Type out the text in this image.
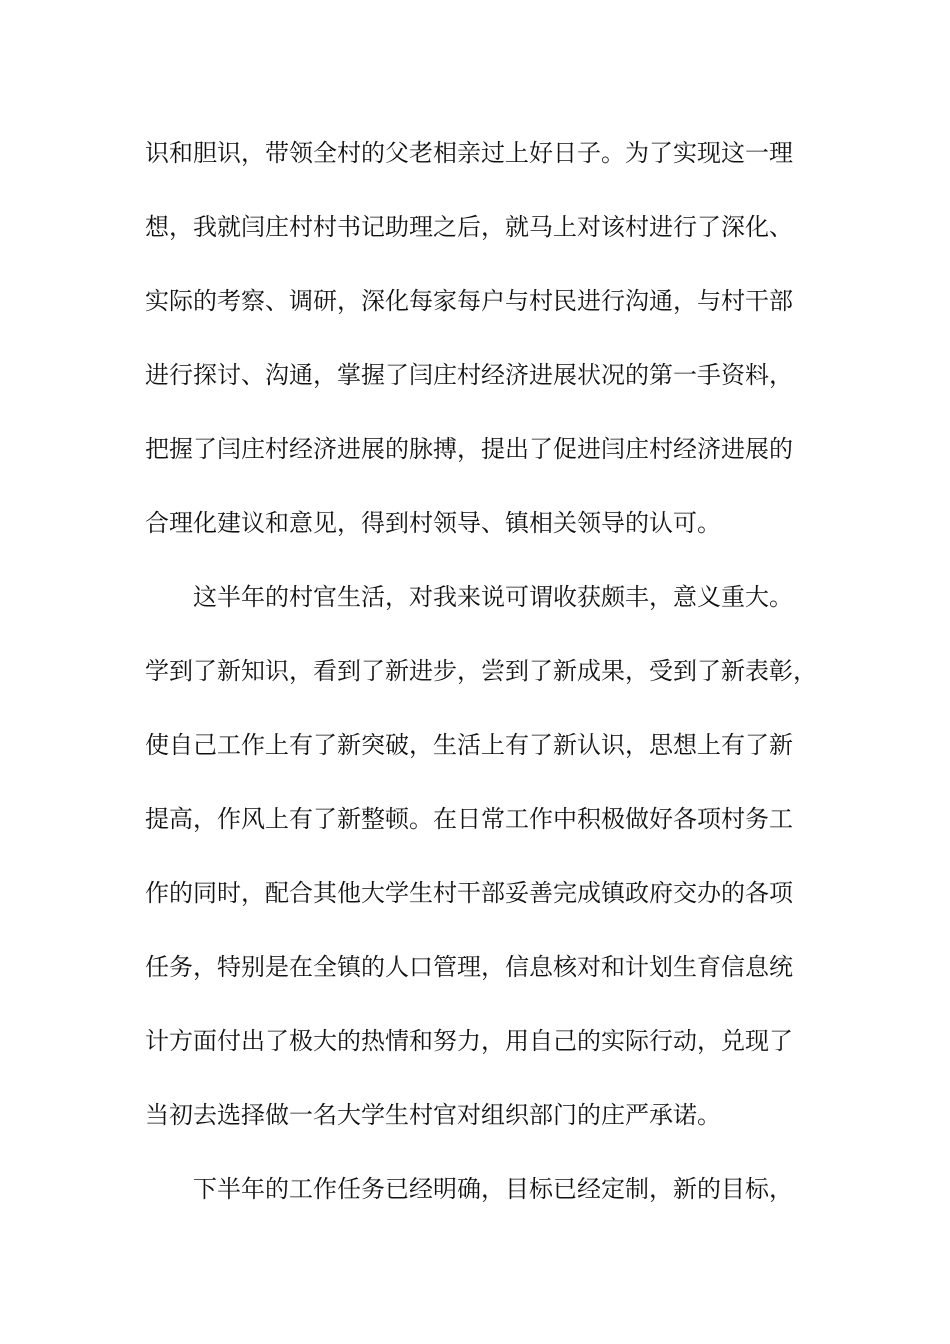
识和胆识，带领全村的父老相亲过上好日子。为了实现这一理
想，我就闫庄村村书记助理之后，就马上对该村进行了深化、
实际的考察、调研，深化每家每户与村民进行沟通，与村干部
进行探讨、沟通，掌握了闫庄村经济进展状况的第一手资料，
把握了闫庄村经济进展的脉搏，提出了促进闫庄村经济进展的
合理化建议和意见，得到村领导、镇相关领导的认可。
这半年的村官生活，对我来说可谓收获颇丰，意义重大。
学到了新知识，看到了新进步，尝到了新成果，受到了新表彰，
使自己工作上有了新突破，生活上有了新认识，思想上有了新
提高，作风上有了新整顿。在日常工作中积极做好各项村务工
作的同时，配合其他大学生村干部妥善完成镇政府交办的各项
任务，特别是在全镇的人口管理，信息核对和计划生育信息统
计方面付出了极大的热情和努力，用自己的实际行动，兑现了
当初去选择做一名大学生村官对组织部门的庄严承诺。
下半年的工作任务已经明确，目标已经定制，新的目标，
